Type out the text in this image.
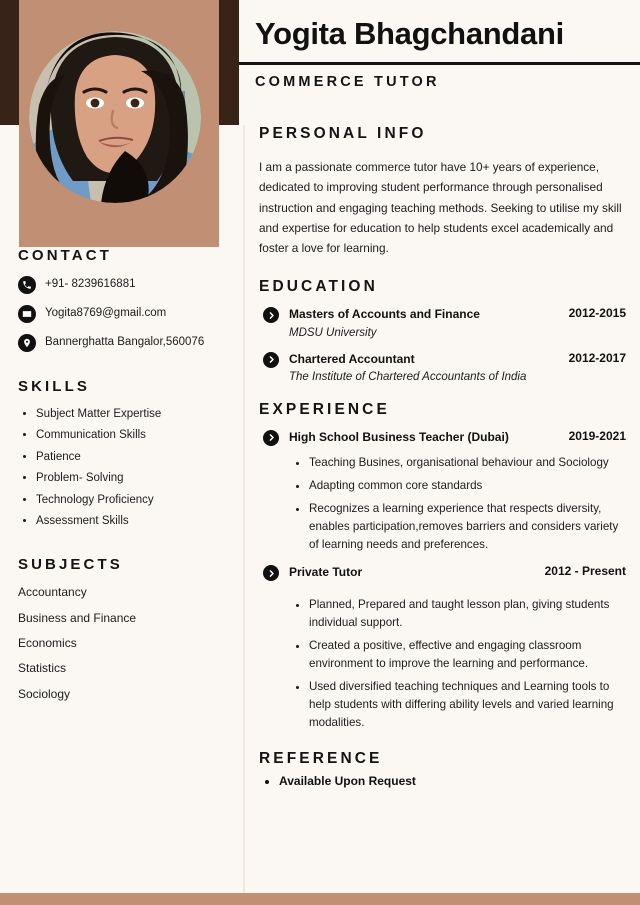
Yogita Bhagchandani
COMMERCE TUTOR
CONTACT
+91- 8239616881
Yogita8769@gmail.com
Bannerghatta Bangalor,560076
SKILLS
• Subject Matter Expertise
• Communication Skills
• Patience
• Problem- Solving
• Technology Proficiency
• Assessment Skills
SUBJECTS
Accountancy
Business and Finance
Economics
Statistics
Sociology
PERSONAL INFO

I am a passionate commerce tutor have 10+ years of experience, dedicated to improving student performance through personalised instruction and engaging teaching methods. Seeking to utilise my skill and expertise for education to help students excel academically and foster a love for learning.

EDUCATION
Masters of Accounts and Finance	2012-2015
MDSU University
Chartered Accountant	2012-2017
The Institute of Chartered Accountants of India
EXPERIENCE
High School Business Teacher (Dubai)	2019-2021
• Teaching Busines, organisational behaviour and Sociology
• Adapting common core standards
• Recognizes a learning experience that respects diversity, enables participation,removes barriers and considers variety of learning needs and preferences.
Private Tutor	2012 - Present
• Planned, Prepared and taught lesson plan, giving students individual support.
• Created a positive, effective and engaging classroom environment to improve the learning and performance.
• Used diversified teaching techniques and Learning tools to help students with differing ability levels and varied learning modalities.
REFERENCE
• Available Upon Request
